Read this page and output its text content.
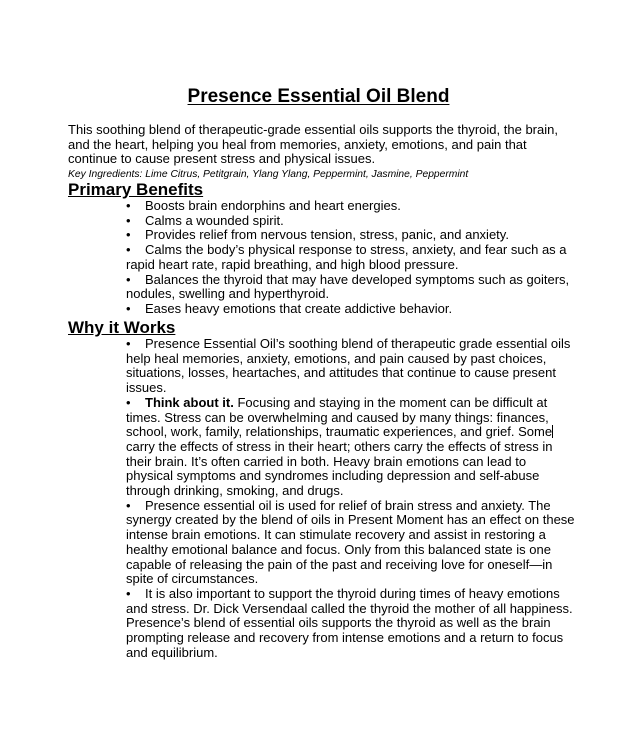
Presence Essential Oil Blend
This soothing blend of therapeutic-grade essential oils supports the thyroid, the brain, and the heart, helping you heal from memories, anxiety, emotions, and pain that continue to cause present stress and physical issues.
Key Ingredients: Lime Citrus, Petitgrain, Ylang Ylang, Peppermint, Jasmine, Peppermint
Primary Benefits
• Boosts brain endorphins and heart energies.
• Calms a wounded spirit.
• Provides relief from nervous tension, stress, panic, and anxiety.
• Calms the body’s physical response to stress, anxiety, and fear such as a rapid heart rate, rapid breathing, and high blood pressure.
• Balances the thyroid that may have developed symptoms such as goiters, nodules, swelling and hyperthyroid.
• Eases heavy emotions that create addictive behavior.
Why it Works
• Presence Essential Oil’s soothing blend of therapeutic grade essential oils help heal memories, anxiety, emotions, and pain caused by past choices, situations, losses, heartaches, and attitudes that continue to cause present issues.
• Think about it. Focusing and staying in the moment can be difficult at times. Stress can be overwhelming and caused by many things: finances, school, work, family, relationships, traumatic experiences, and grief. Some carry the effects of stress in their heart; others carry the effects of stress in their brain. It’s often carried in both. Heavy brain emotions can lead to physical symptoms and syndromes including depression and self-abuse through drinking, smoking, and drugs.
• Presence essential oil is used for relief of brain stress and anxiety. The synergy created by the blend of oils in Present Moment has an effect on these intense brain emotions. It can stimulate recovery and assist in restoring a healthy emotional balance and focus. Only from this balanced state is one capable of releasing the pain of the past and receiving love for oneself—in spite of circumstances.
• It is also important to support the thyroid during times of heavy emotions and stress. Dr. Dick Versendaal called the thyroid the mother of all happiness. Presence’s blend of essential oils supports the thyroid as well as the brain prompting release and recovery from intense emotions and a return to focus and equilibrium.
